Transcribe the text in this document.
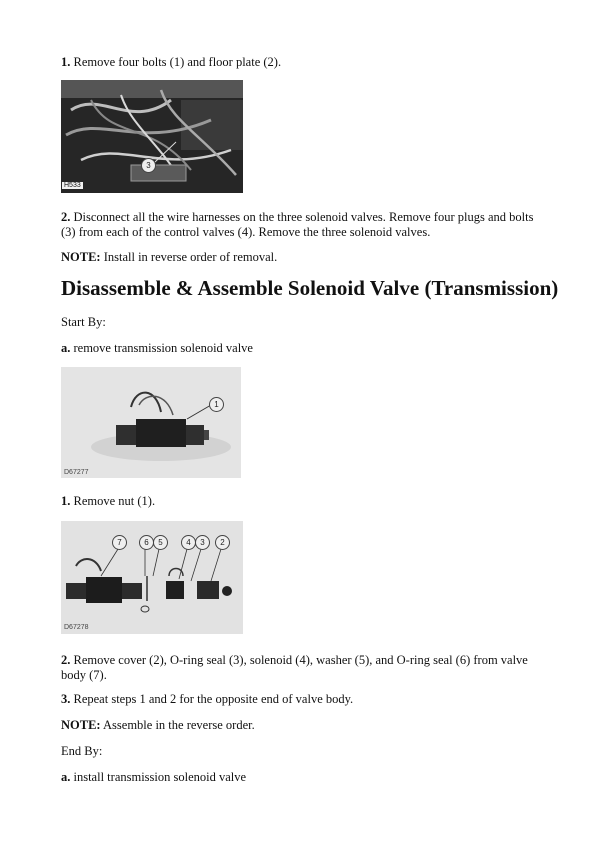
1. Remove four bolts (1) and floor plate (2).
3
H533
2. Disconnect all the wire harnesses on the three solenoid valves. Remove four plugs and bolts (3) from each of the control valves (4). Remove the three solenoid valves.
NOTE: Install in reverse order of removal.
Disassemble & Assemble Solenoid Valve (Transmission)
Start By:
a. remove transmission solenoid valve
1
D67277
1. Remove nut (1).
7	6	5	4	3	2
D67278
2. Remove cover (2), O-ring seal (3), solenoid (4), washer (5), and O-ring seal (6) from valve body (7).
3. Repeat steps 1 and 2 for the opposite end of valve body.
NOTE: Assemble in the reverse order.
End By:
a. install transmission solenoid valve
